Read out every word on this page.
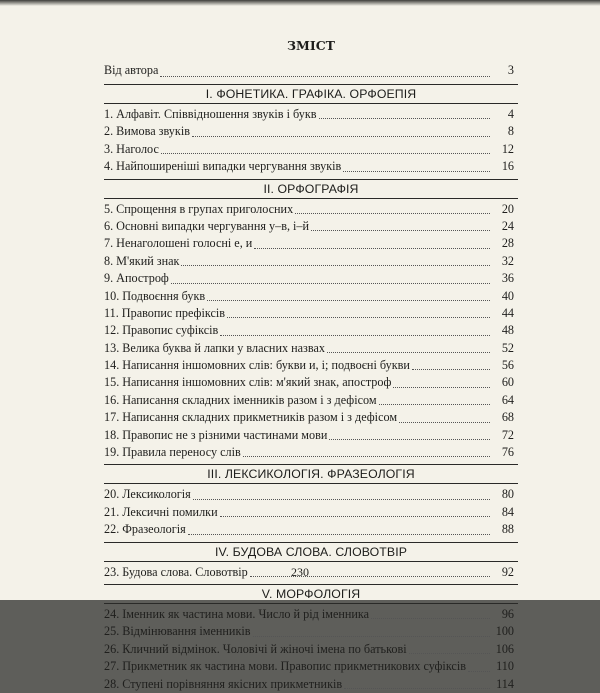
ЗМІСТ
Від автора	3
I. ФОНЕТИКА. ГРАФІКА. ОРФОЕПІЯ
1. Алфавіт. Співвідношення звуків і букв	4
2. Вимова звуків	8
3. Наголос	12
4. Найпоширеніші випадки чергування звуків	16
II. ОРФОГРАФІЯ
5. Спрощення в групах приголосних	20
6. Основні випадки чергування у–в, і–й	24
7. Ненаголошені голосні е, и	28
8. М'який знак	32
9. Апостроф	36
10. Подвоєння букв	40
11. Правопис префіксів	44
12. Правопис суфіксів	48
13. Велика буква й лапки у власних назвах	52
14. Написання іншомовних слів: букви и, і; подвоєні букви	56
15. Написання іншомовних слів: м'який знак, апостроф	60
16. Написання складних іменників разом і з дефісом	64
17. Написання складних прикметників разом і з дефісом	68
18. Правопис не з різними частинами мови	72
19. Правила переносу слів	76
III. ЛЕКСИКОЛОГІЯ. ФРАЗЕОЛОГІЯ
20. Лексикологія	80
21. Лексичні помилки	84
22. Фразеологія	88
IV. БУДОВА СЛОВА. СЛОВОТВІР
23. Будова слова. Словотвір	92
V. МОРФОЛОГІЯ
24. Іменник як частина мови. Число й рід іменника	96
25. Відмінювання іменників	100
26. Кличний відмінок. Чоловічі й жіночі імена по батькові	106
27. Прикметник як частина мови. Правопис прикметникових суфіксів	110
28. Ступені порівняння якісних прикметників	114
230
